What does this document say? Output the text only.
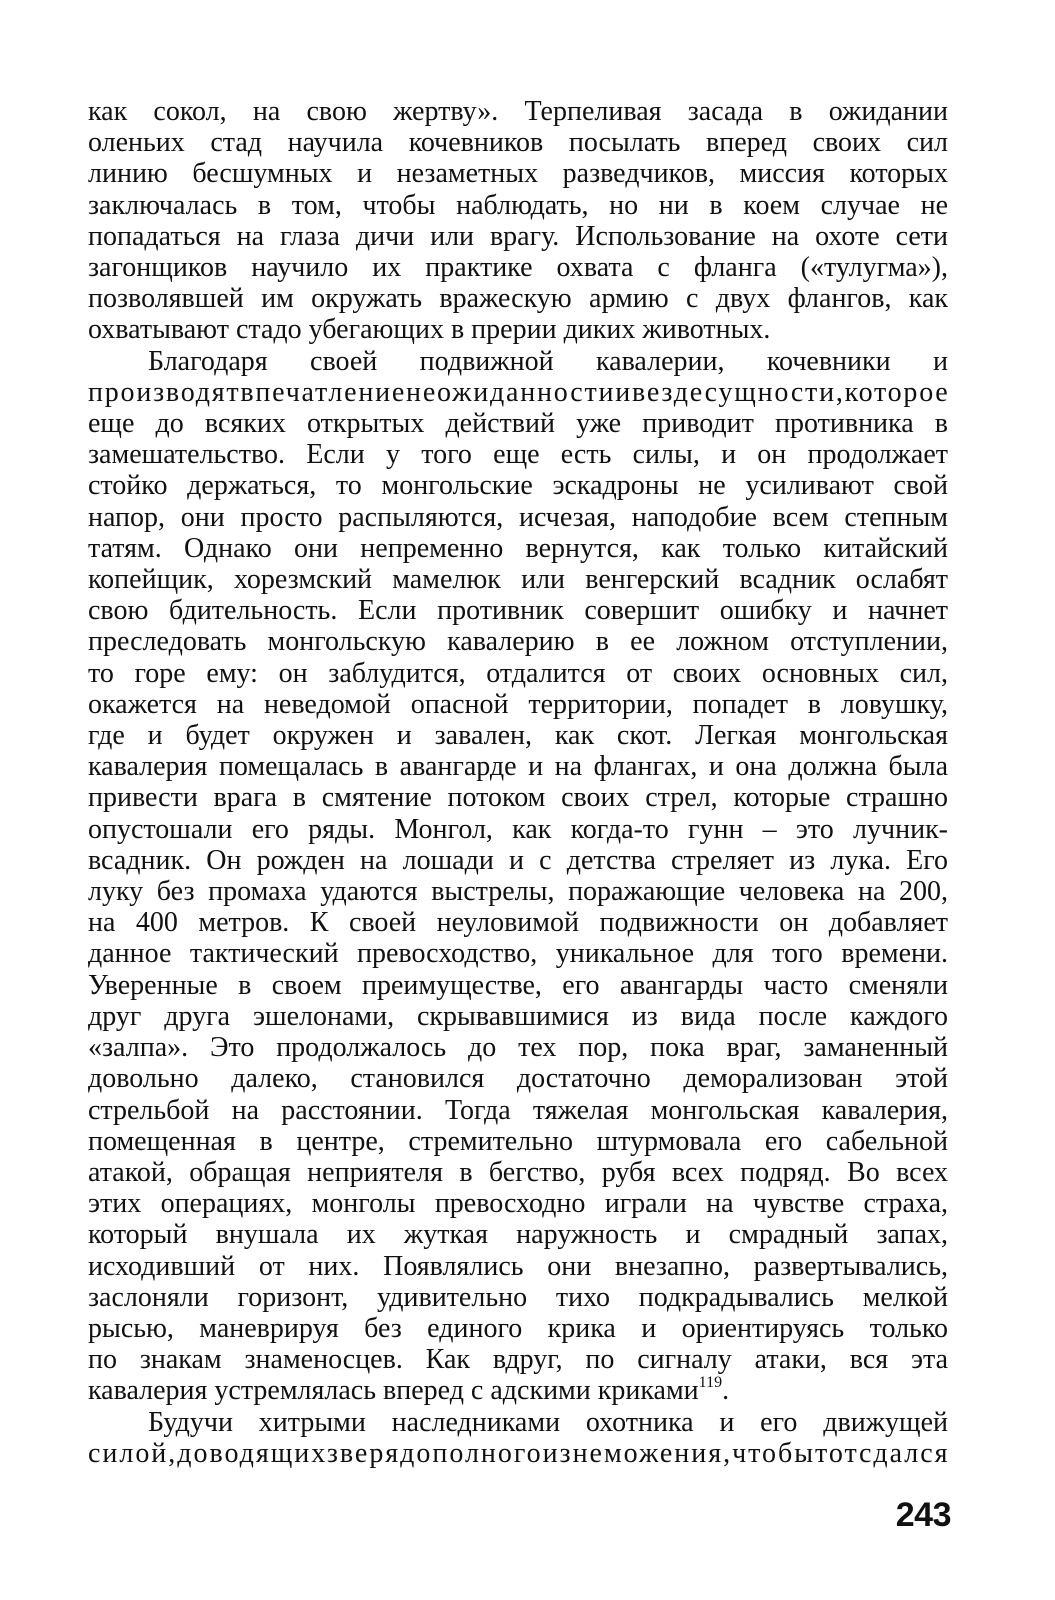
как сокол, на свою жертву». Терпеливая засада в ожидании
оленьих стад научила кочевников посылать вперед своих сил
линию бесшумных и незаметных разведчиков, миссия которых
заключалась в том, чтобы наблюдать, но ни в коем случае не
попадаться на глаза дичи или врагу. Использование на охоте сети
загонщиков научило их практике охвата с фланга («тулугма»),
позволявшей им окружать вражескую армию с двух флангов, как
охватывают стадо убегающих в прерии диких животных.
Благодаря своей подвижной кавалерии, кочевники и
производятвпечатлениенеожиданностиивездесущности,которое
еще до всяких открытых действий уже приводит противника в
замешательство. Если у того еще есть силы, и он продолжает
стойко держаться, то монгольские эскадроны не усиливают свой
напор, они просто распыляются, исчезая, наподобие всем степным
татям. Однако они непременно вернутся, как только китайский
копейщик, хорезмский мамелюк или венгерский всадник ослабят
свою бдительность. Если противник совершит ошибку и начнет
преследовать монгольскую кавалерию в ее ложном отступлении,
то горе ему: он заблудится, отдалится от своих основных сил,
окажется на неведомой опасной территории, попадет в ловушку,
где и будет окружен и завален, как скот. Легкая монгольская
кавалерия помещалась в авангарде и на флангах, и она должна была
привести врага в смятение потоком своих стрел, которые страшно
опустошали его ряды. Монгол, как когда-то гунн – это лучник-
всадник. Он рожден на лошади и с детства стреляет из лука. Его
луку без промаха удаются выстрелы, поражающие человека на 200,
на 400 метров. К своей неуловимой подвижности он добавляет
данное тактический превосходство, уникальное для того времени.
Уверенные в своем преимуществе, его авангарды часто сменяли
друг друга эшелонами, скрывавшимися из вида после каждого
«залпа». Это продолжалось до тех пор, пока враг, заманенный
довольно далеко, становился достаточно деморализован этой
стрельбой на расстоянии. Тогда тяжелая монгольская кавалерия,
помещенная в центре, стремительно штурмовала его сабельной
атакой, обращая неприятеля в бегство, рубя всех подряд. Во всех
этих операциях, монголы превосходно играли на чувстве страха,
который внушала их жуткая наружность и смрадный запах,
исходивший от них. Появлялись они внезапно, развертывались,
заслоняли горизонт, удивительно тихо подкрадывались мелкой
рысью, маневрируя без единого крика и ориентируясь только
по знакам знаменосцев. Как вдруг, по сигналу атаки, вся эта
кавалерия устремлялась вперед с адскими криками$^{119}$.
Будучи хитрыми наследниками охотника и его движущей
силой,доводящихзверядополногоизнеможения,чтобытотсдался
243
